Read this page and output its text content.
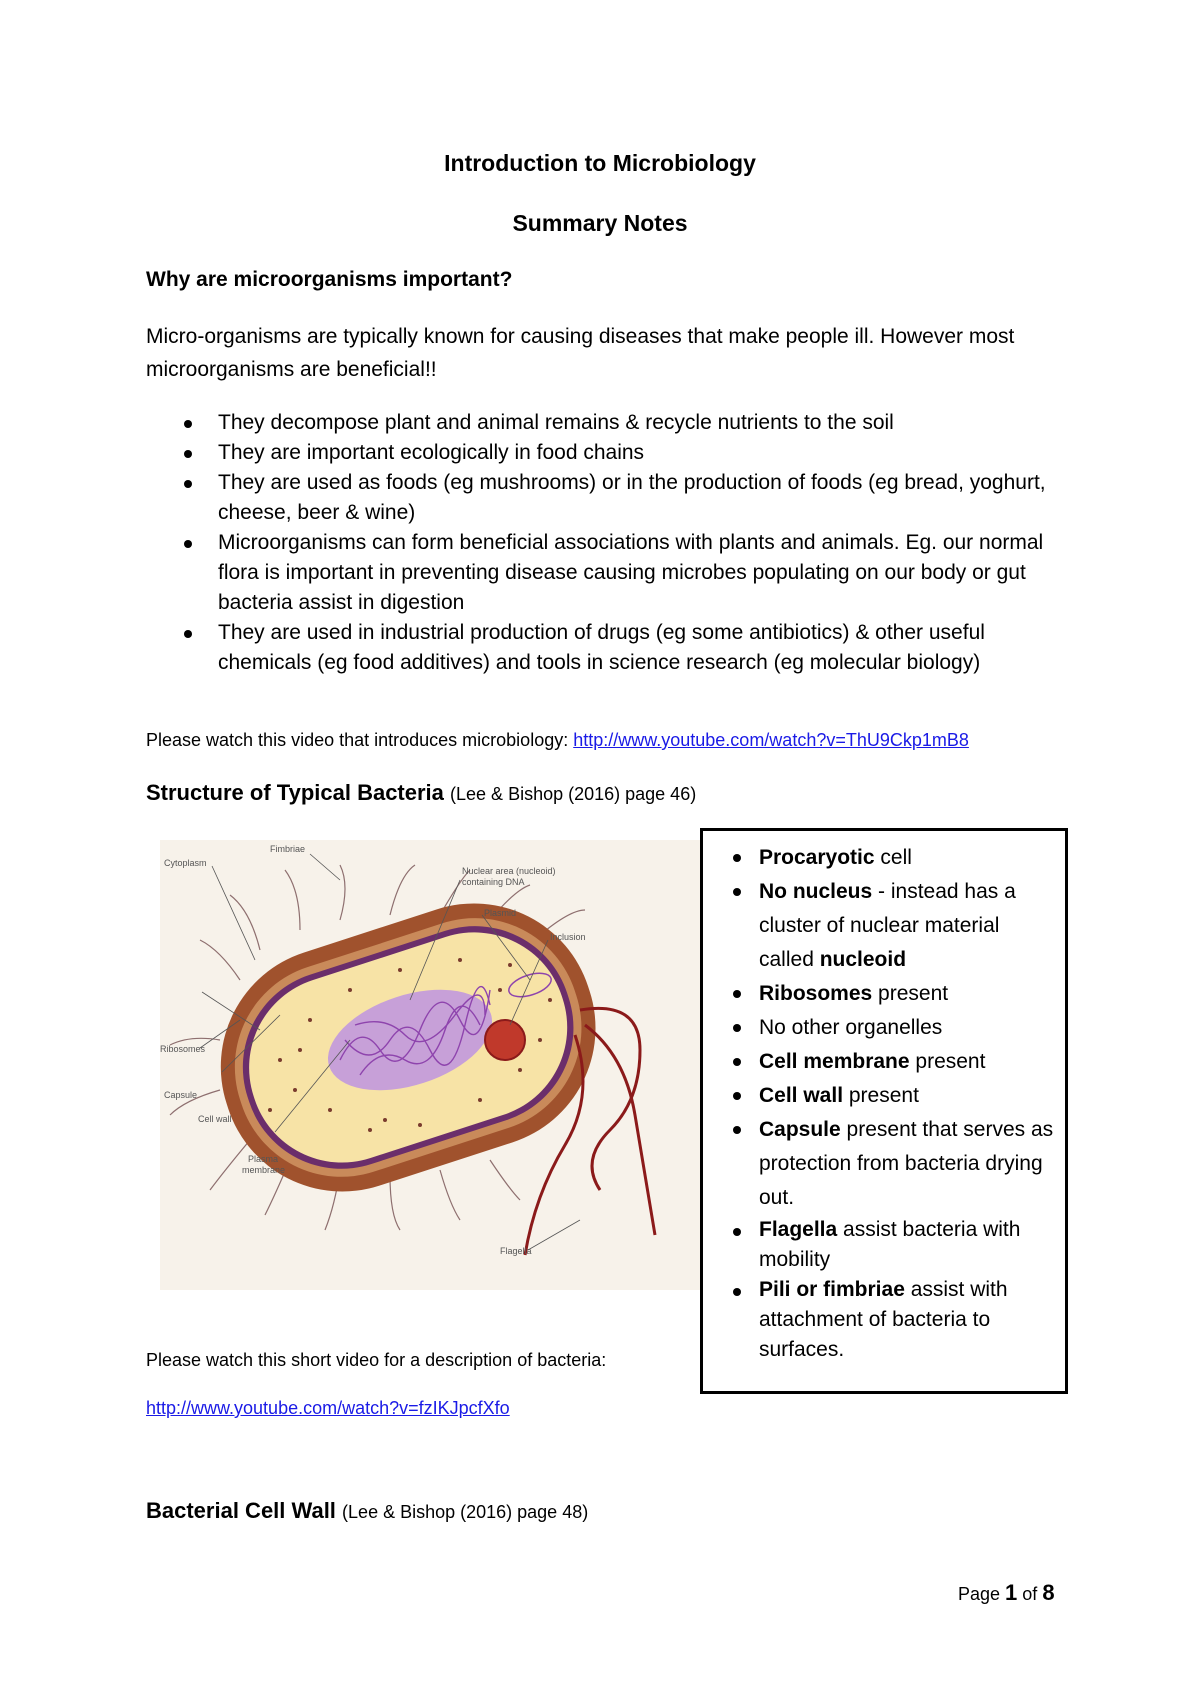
Introduction to Microbiology
Summary Notes
Why are microorganisms important?
Micro-organisms are typically known for causing diseases that make people ill. However most microorganisms are beneficial!!
They decompose plant and animal remains & recycle nutrients to the soil
They are important ecologically in food chains
They are used as foods (eg mushrooms) or in the production of foods (eg bread, yoghurt, cheese, beer & wine)
Microorganisms can form beneficial associations with plants and animals. Eg. our normal flora is important in preventing disease causing microbes populating on our body or gut bacteria assist in digestion
They are used in industrial production of drugs (eg some antibiotics) & other useful chemicals (eg food additives) and tools in science research (eg molecular biology)
Please watch this video that introduces microbiology: http://www.youtube.com/watch?v=ThU9Ckp1mB8
Structure of Typical Bacteria (Lee & Bishop (2016) page 46)
Cytoplasm
Fimbriae
Nuclear area (nucleoid)
containing DNA
Plasmid
Inclusion
Ribosomes
Capsule
Cell wall
Plasma
membrane
Flagella
Procaryotic cell
No nucleus - instead has a cluster of nuclear material called nucleoid
Ribosomes present
No other organelles
Cell membrane present
Cell wall present
Capsule present that serves as protection from bacteria drying out.
Flagella assist bacteria with mobility
Pili or fimbriae assist with attachment of bacteria to surfaces.
Please watch this short video for a description of bacteria:
http://www.youtube.com/watch?v=fzIKJpcfXfo
Bacterial Cell Wall (Lee & Bishop (2016) page 48)
Page 1 of 8
